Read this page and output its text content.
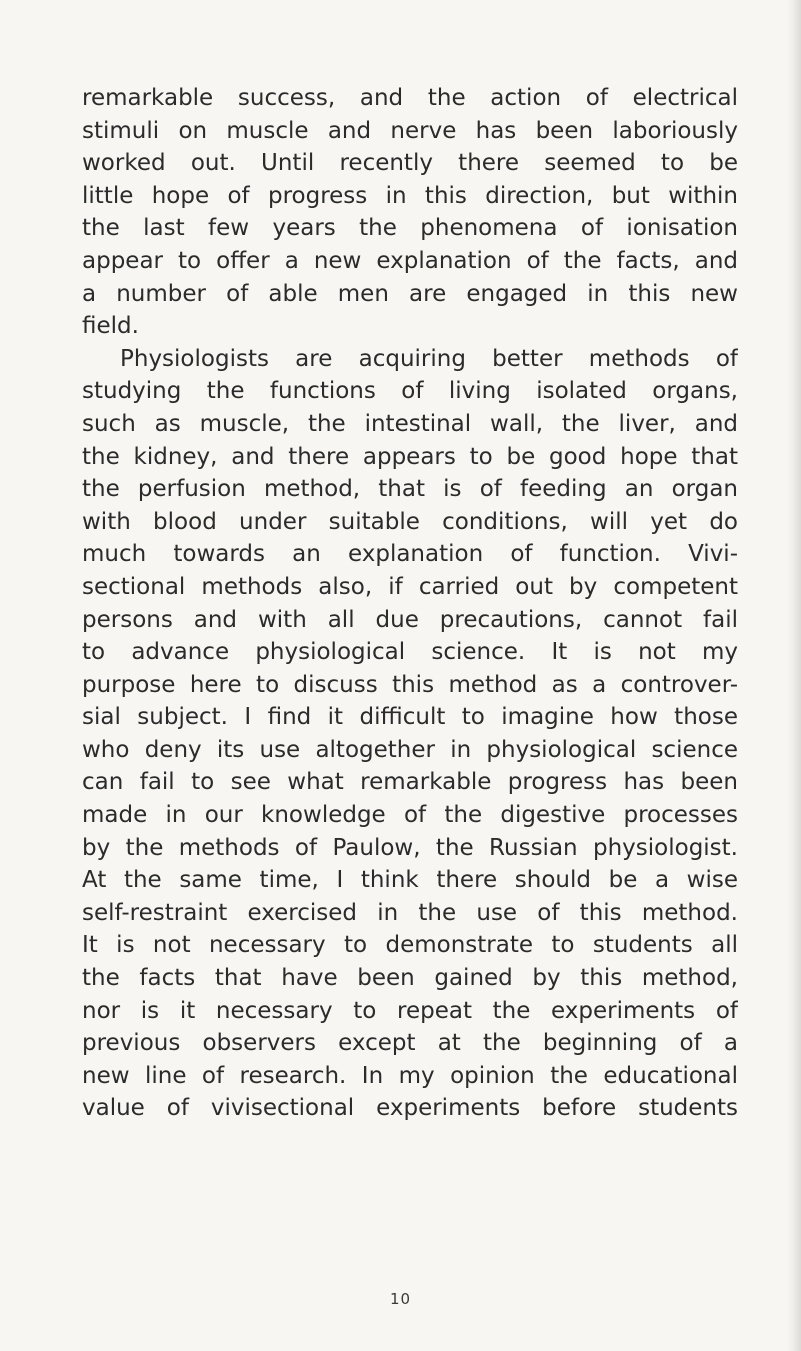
remarkable success, and the action of electrical
stimuli on muscle and nerve has been laboriously
worked out. Until recently there seemed to be
little hope of progress in this direction, but within
the last few years the phenomena of ionisation
appear to offer a new explanation of the facts, and
a number of able men are engaged in this new
field.
Physiologists are acquiring better methods of
studying the functions of living isolated organs,
such as muscle, the intestinal wall, the liver, and
the kidney, and there appears to be good hope that
the perfusion method, that is of feeding an organ
with blood under suitable conditions, will yet do
much towards an explanation of function. Vivi-
sectional methods also, if carried out by competent
persons and with all due precautions, cannot fail
to advance physiological science. It is not my
purpose here to discuss this method as a controver-
sial subject. I find it difficult to imagine how those
who deny its use altogether in physiological science
can fail to see what remarkable progress has been
made in our knowledge of the digestive processes
by the methods of Paulow, the Russian physiologist.
At the same time, I think there should be a wise
self-restraint exercised in the use of this method.
It is not necessary to demonstrate to students all
the facts that have been gained by this method,
nor is it necessary to repeat the experiments of
previous observers except at the beginning of a
new line of research. In my opinion the educational
value of vivisectional experiments before students
10
